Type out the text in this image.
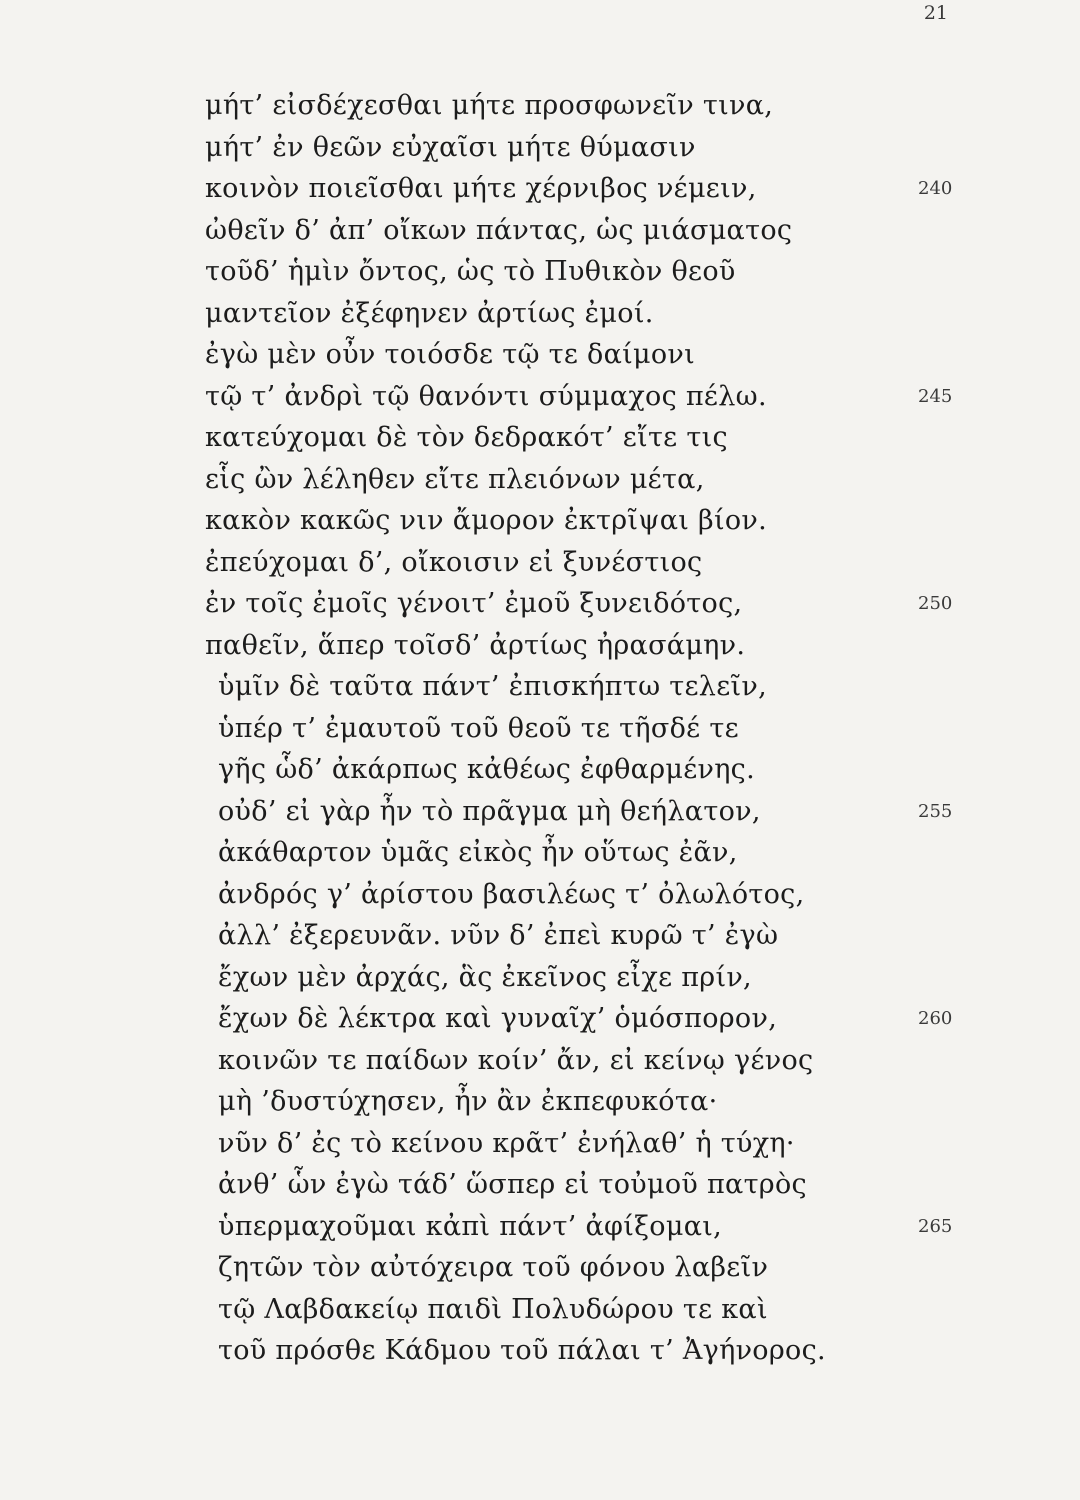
21
μήτ’ εἰσδέχεσθαι μήτε προσφωνεῖν τινα,
μήτ’ ἐν θεῶν εὐχαῖσι μήτε θύμασιν
κοινὸν ποιεῖσθαι μήτε χέρνιβος νέμειν,	240
ὠθεῖν δ’ ἀπ’ οἴκων πάντας, ὡς μιάσματος
τοῦδ’ ἡμὶν ὄντος, ὡς τὸ Πυθικὸν θεοῦ
μαντεῖον ἐξέφηνεν ἀρτίως ἐμοί.
ἐγὼ μὲν οὖν τοιόσδε τῷ τε δαίμονι
τῷ τ’ ἀνδρὶ τῷ θανόντι σύμμαχος πέλω.	245
κατεύχομαι δὲ τὸν δεδρακότ’ εἴτε τις
εἷς ὢν λέληθεν εἴτε πλειόνων μέτα,
κακὸν κακῶς νιν ἄμορον ἐκτρῖψαι βίον.
ἐπεύχομαι δ’, οἴκοισιν εἰ ξυνέστιος
ἐν τοῖς ἐμοῖς γένοιτ’ ἐμοῦ ξυνειδότος,	250
παθεῖν, ἅπερ τοῖσδ’ ἀρτίως ἠρασάμην.
ὑμῖν δὲ ταῦτα πάντ’ ἐπισκήπτω τελεῖν,
ὑπέρ τ’ ἐμαυτοῦ τοῦ θεοῦ τε τῆσδέ τε
γῆς ὧδ’ ἀκάρπως κἀθέως ἐφθαρμένης.
οὐδ’ εἰ γὰρ ἦν τὸ πρᾶγμα μὴ θεήλατον,	255
ἀκάθαρτον ὑμᾶς εἰκὸς ἦν οὕτως ἐᾶν,
ἀνδρός γ’ ἀρίστου βασιλέως τ’ ὀλωλότος,
ἀλλ’ ἐξερευνᾶν. νῦν δ’ ἐπεὶ κυρῶ τ’ ἐγὼ
ἔχων μὲν ἀρχάς, ἃς ἐκεῖνος εἶχε πρίν,
ἔχων δὲ λέκτρα καὶ γυναῖχ’ ὁμόσπορον,	260
κοινῶν τε παίδων κοίν’ ἄν, εἰ κείνῳ γένος
μὴ ’δυστύχησεν, ἦν ἂν ἐκπεφυκότα·
νῦν δ’ ἐς τὸ κείνου κρᾶτ’ ἐνήλαθ’ ἡ τύχη·
ἀνθ’ ὧν ἐγὼ τάδ’ ὥσπερ εἰ τοὐμοῦ πατρὸς
ὑπερμαχοῦμαι κἀπὶ πάντ’ ἀφίξομαι,	265
ζητῶν τὸν αὐτόχειρα τοῦ φόνου λαβεῖν
τῷ Λαβδακείῳ παιδὶ Πολυδώρου τε καὶ
τοῦ πρόσθε Κάδμου τοῦ πάλαι τ’ Ἀγήνορος.
